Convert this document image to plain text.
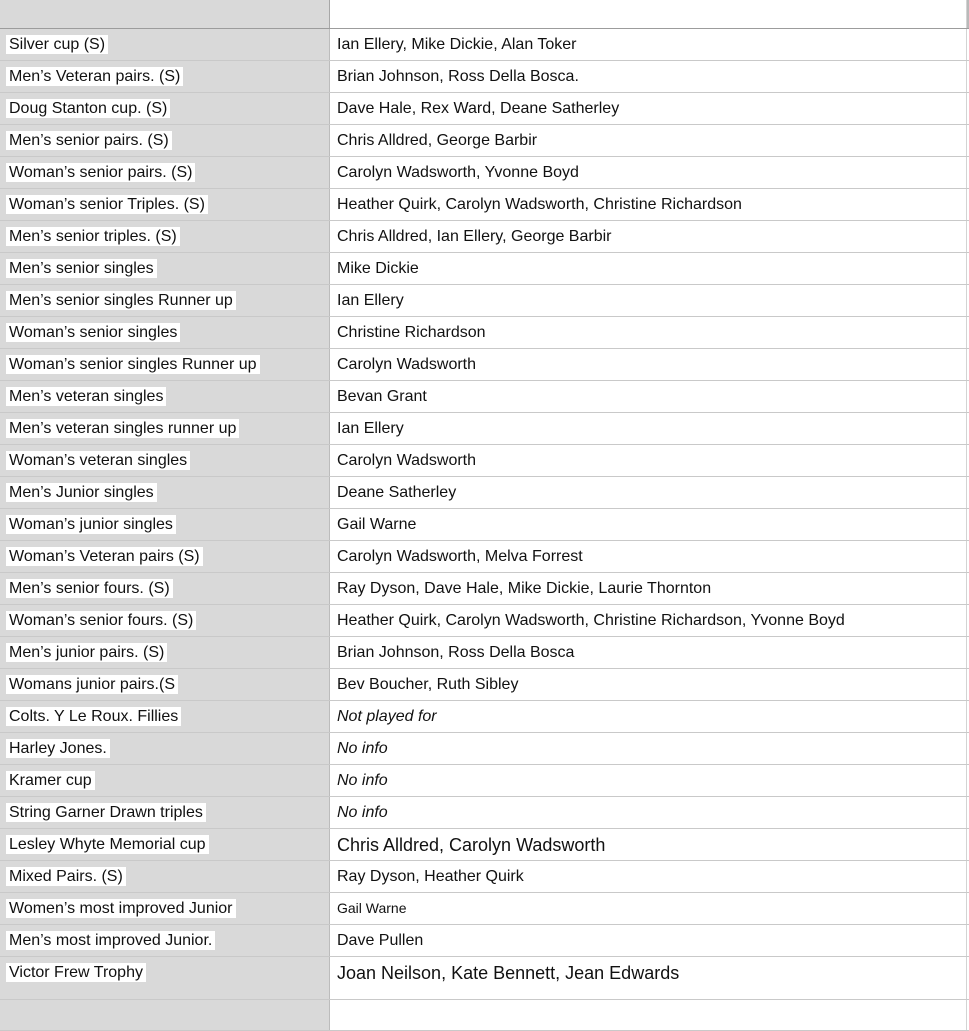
Silver cup (S)	Ian Ellery, Mike Dickie, Alan Toker
Men’s Veteran pairs. (S)	Brian Johnson, Ross Della Bosca.
Doug Stanton cup. (S)	Dave Hale, Rex Ward, Deane Satherley
Men’s senior pairs. (S)	Chris Alldred, George Barbir
Woman’s senior pairs. (S)	Carolyn Wadsworth, Yvonne Boyd
Woman’s senior Triples. (S)	Heather Quirk, Carolyn Wadsworth, Christine Richardson
Men’s senior triples. (S)	Chris Alldred, Ian Ellery, George Barbir
Men’s senior singles	Mike Dickie
Men’s senior singles Runner up	Ian Ellery
Woman’s senior singles	Christine Richardson
Woman’s senior singles Runner up	Carolyn Wadsworth
Men’s veteran singles	Bevan Grant
Men’s veteran singles runner up	Ian Ellery
Woman’s veteran singles	Carolyn Wadsworth
Men’s Junior singles	Deane Satherley
Woman’s junior singles	Gail Warne
Woman’s Veteran pairs (S)	Carolyn Wadsworth, Melva Forrest
Men’s senior fours. (S)	Ray Dyson, Dave Hale, Mike Dickie, Laurie Thornton
Woman’s senior fours. (S)	Heather Quirk, Carolyn Wadsworth, Christine Richardson, Yvonne Boyd
Men’s junior pairs. (S)	Brian Johnson, Ross Della Bosca
Womans junior pairs.(S	Bev Boucher, Ruth Sibley
Colts. Y Le Roux. Fillies	Not played for
Harley Jones.	No info
Kramer cup	No info
String Garner Drawn triples	No info
Lesley Whyte Memorial cup	Chris Alldred, Carolyn Wadsworth
Mixed Pairs. (S)	Ray Dyson, Heather Quirk
Women’s most improved Junior	Gail Warne
Men’s most improved Junior.	Dave Pullen
Victor Frew Trophy	Joan Neilson, Kate Bennett, Jean Edwards
